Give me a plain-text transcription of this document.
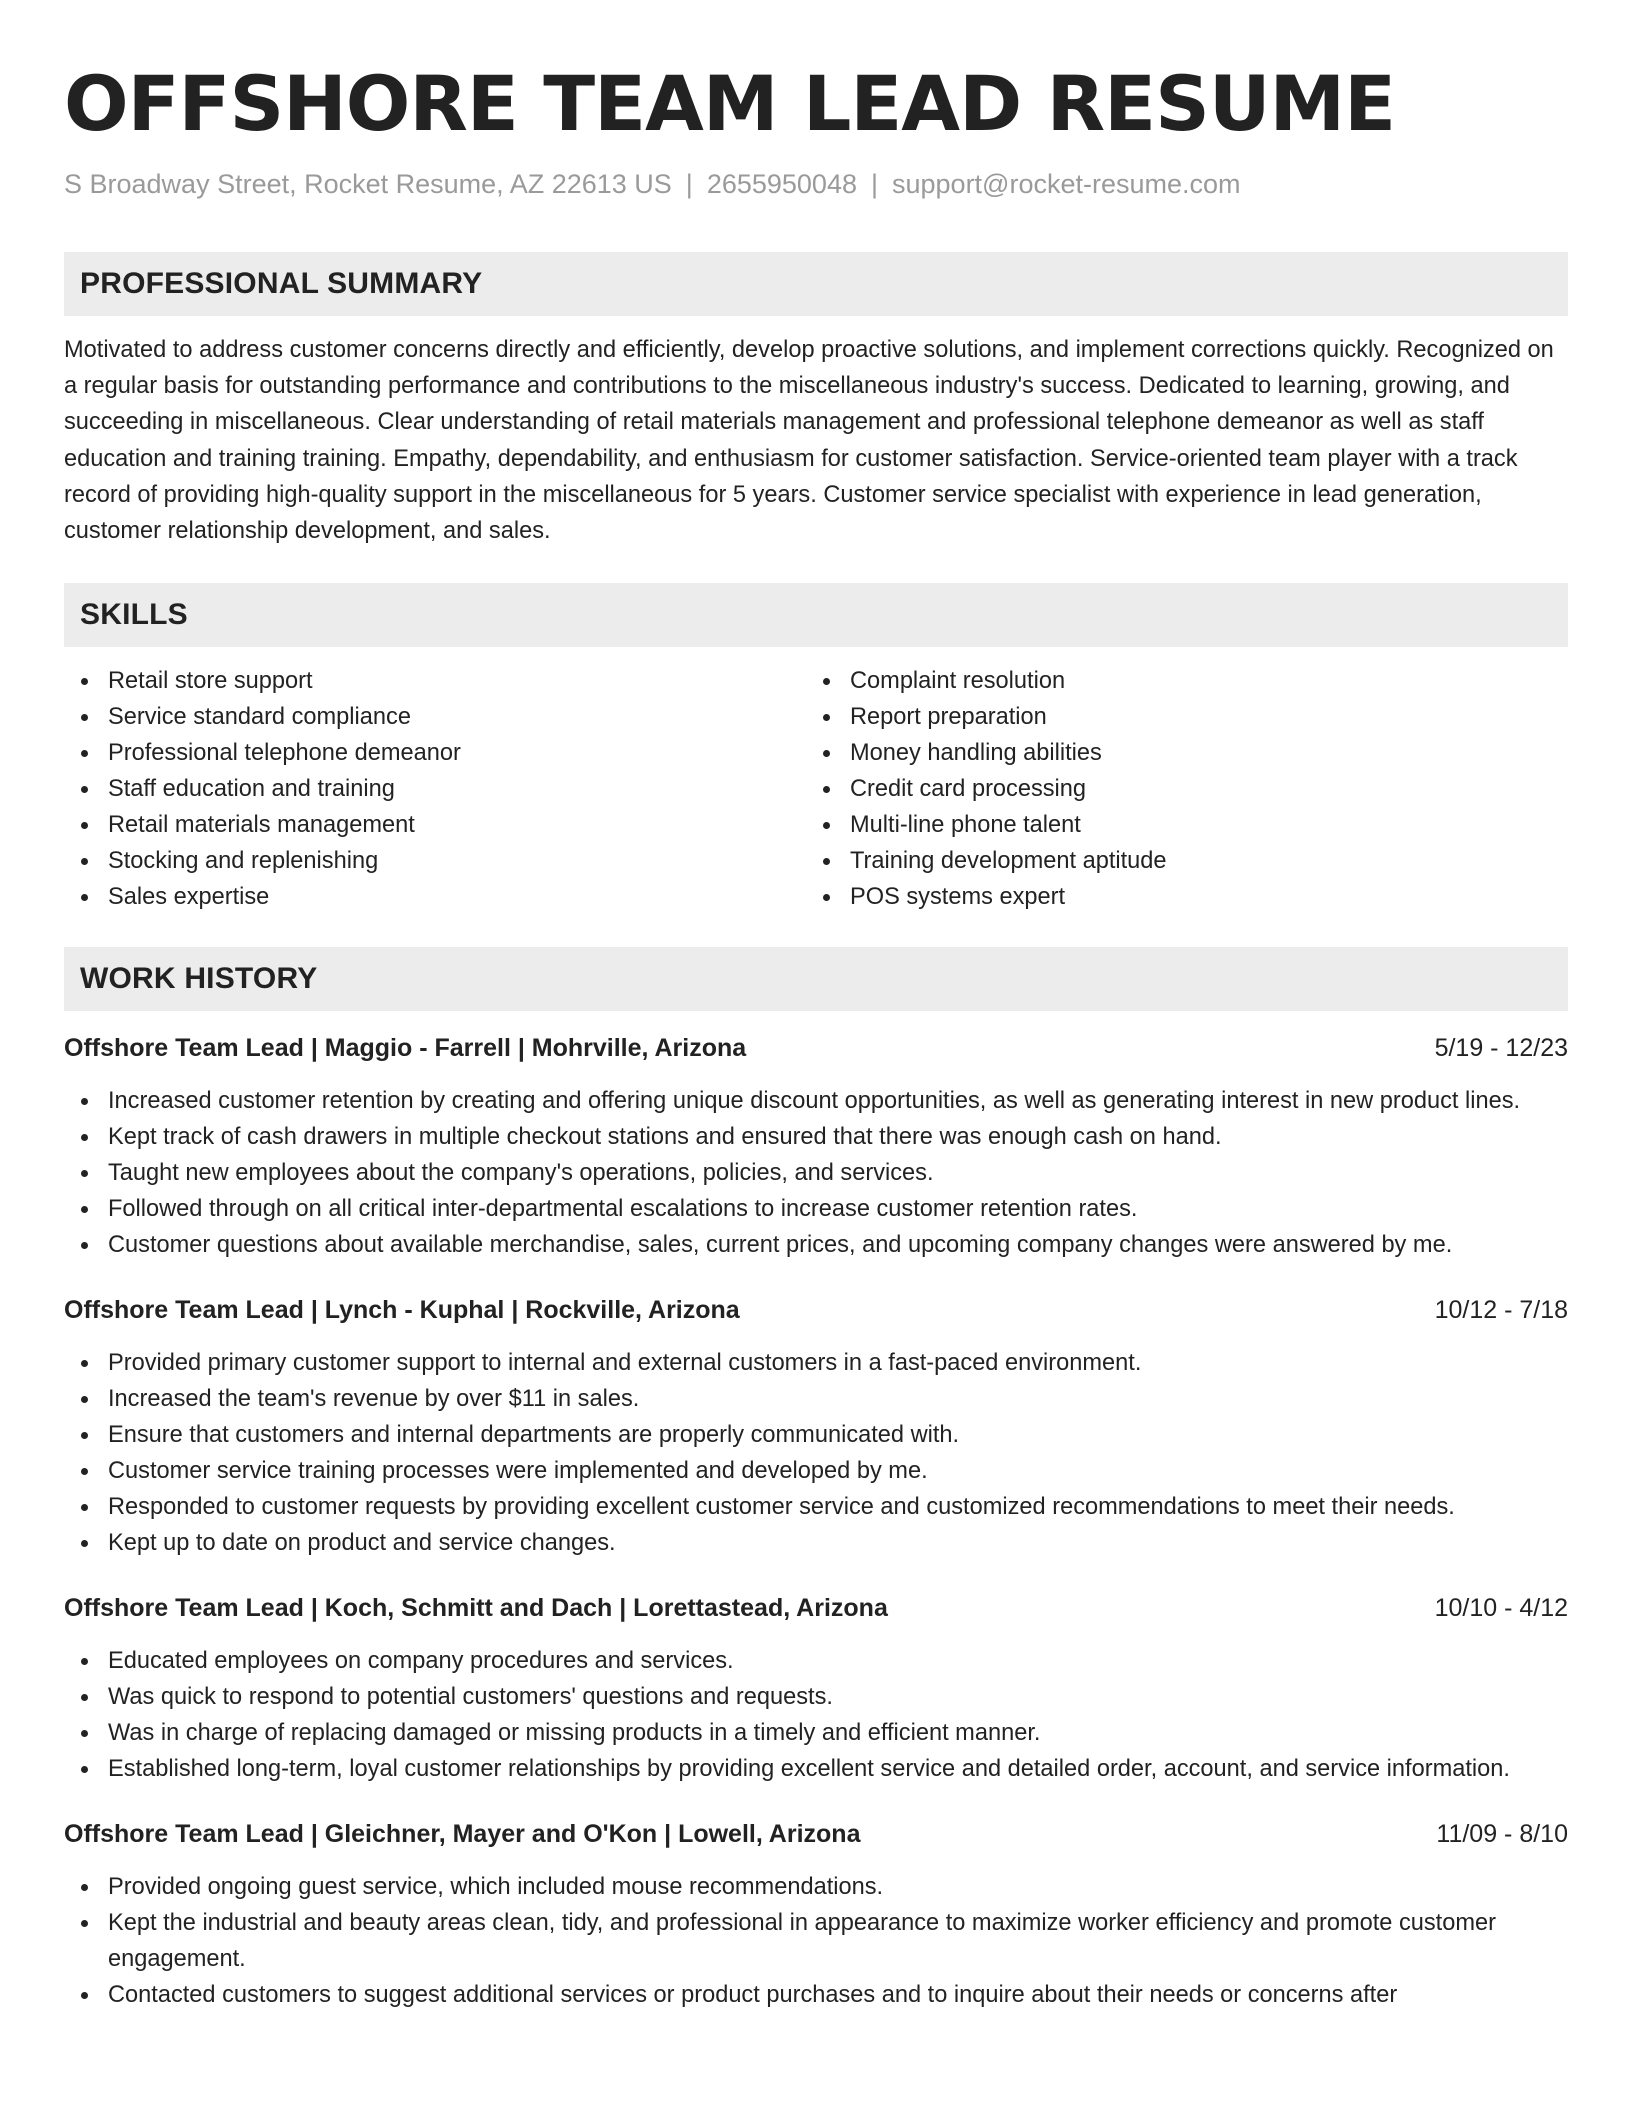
OFFSHORE TEAM LEAD RESUME
S Broadway Street, Rocket Resume, AZ 22613 US | 2655950048 | support@rocket-resume.com
PROFESSIONAL SUMMARY
Motivated to address customer concerns directly and efficiently, develop proactive solutions, and implement corrections quickly. Recognized on a regular basis for outstanding performance and contributions to the miscellaneous industry's success. Dedicated to learning, growing, and succeeding in miscellaneous. Clear understanding of retail materials management and professional telephone demeanor as well as staff education and training training. Empathy, dependability, and enthusiasm for customer satisfaction. Service-oriented team player with a track record of providing high-quality support in the miscellaneous for 5 years. Customer service specialist with experience in lead generation, customer relationship development, and sales.
SKILLS
Retail store support
Service standard compliance
Professional telephone demeanor
Staff education and training
Retail materials management
Stocking and replenishing
Sales expertise
Complaint resolution
Report preparation
Money handling abilities
Credit card processing
Multi-line phone talent
Training development aptitude
POS systems expert
WORK HISTORY
Offshore Team Lead | Maggio - Farrell | Mohrville, Arizona	5/19 - 12/23
Increased customer retention by creating and offering unique discount opportunities, as well as generating interest in new product lines.
Kept track of cash drawers in multiple checkout stations and ensured that there was enough cash on hand.
Taught new employees about the company's operations, policies, and services.
Followed through on all critical inter-departmental escalations to increase customer retention rates.
Customer questions about available merchandise, sales, current prices, and upcoming company changes were answered by me.
Offshore Team Lead | Lynch - Kuphal | Rockville, Arizona	10/12 - 7/18
Provided primary customer support to internal and external customers in a fast-paced environment.
Increased the team's revenue by over $11 in sales.
Ensure that customers and internal departments are properly communicated with.
Customer service training processes were implemented and developed by me.
Responded to customer requests by providing excellent customer service and customized recommendations to meet their needs.
Kept up to date on product and service changes.
Offshore Team Lead | Koch, Schmitt and Dach | Lorettastead, Arizona	10/10 - 4/12
Educated employees on company procedures and services.
Was quick to respond to potential customers' questions and requests.
Was in charge of replacing damaged or missing products in a timely and efficient manner.
Established long-term, loyal customer relationships by providing excellent service and detailed order, account, and service information.
Offshore Team Lead | Gleichner, Mayer and O'Kon | Lowell, Arizona	11/09 - 8/10
Provided ongoing guest service, which included mouse recommendations.
Kept the industrial and beauty areas clean, tidy, and professional in appearance to maximize worker efficiency and promote customer engagement.
Contacted customers to suggest additional services or product purchases and to inquire about their needs or concerns after
